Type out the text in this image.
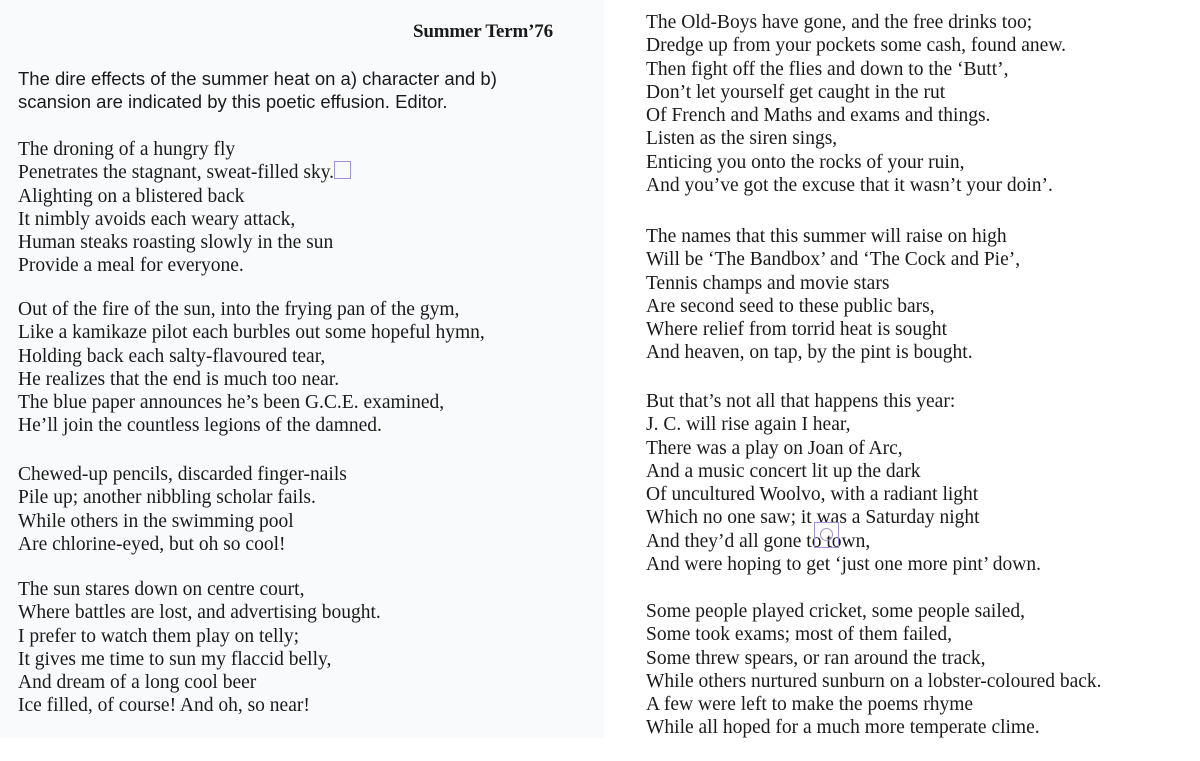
Summer Term’76
The dire effects of the summer heat on a) character and b)
scansion are indicated by this poetic effusion. Editor.
The droning of a hungry fly
Penetrates the stagnant, sweat-filled sky.
Alighting on a blistered back
It nimbly avoids each weary attack,
Human steaks roasting slowly in the sun
Provide a meal for everyone.
Out of the fire of the sun, into the frying pan of the gym,
Like a kamikaze pilot each burbles out some hopeful hymn,
Holding back each salty-flavoured tear,
He realizes that the end is much too near.
The blue paper announces he’s been G.C.E. examined,
He’ll join the countless legions of the damned.
Chewed-up pencils, discarded finger-nails
Pile up; another nibbling scholar fails.
While others in the swimming pool
Are chlorine-eyed, but oh so cool!
The sun stares down on centre court,
Where battles are lost, and advertising bought.
I prefer to watch them play on telly;
It gives me time to sun my flaccid belly,
And dream of a long cool beer
Ice filled, of course! And oh, so near!
The Old-Boys have gone, and the free drinks too;
Dredge up from your pockets some cash, found anew.
Then fight off the flies and down to the ‘Butt’,
Don’t let yourself get caught in the rut
Of French and Maths and exams and things.
Listen as the siren sings,
Enticing you onto the rocks of your ruin,
And you’ve got the excuse that it wasn’t your doin’.
The names that this summer will raise on high
Will be ‘The Bandbox’ and ‘The Cock and Pie’,
Tennis champs and movie stars
Are second seed to these public bars,
Where relief from torrid heat is sought
And heaven, on tap, by the pint is bought.
But that’s not all that happens this year:
J. C. will rise again I hear,
There was a play on Joan of Arc,
And a music concert lit up the dark
Of uncultured Woolvo, with a radiant light
Which no one saw; it was a Saturday night
And they’d all gone to town,
And were hoping to get ‘just one more pint’ down.
Some people played cricket, some people sailed,
Some took exams; most of them failed,
Some threw spears, or ran around the track,
While others nurtured sunburn on a lobster-coloured back.
A few were left to make the poems rhyme
While all hoped for a much more temperate clime.
